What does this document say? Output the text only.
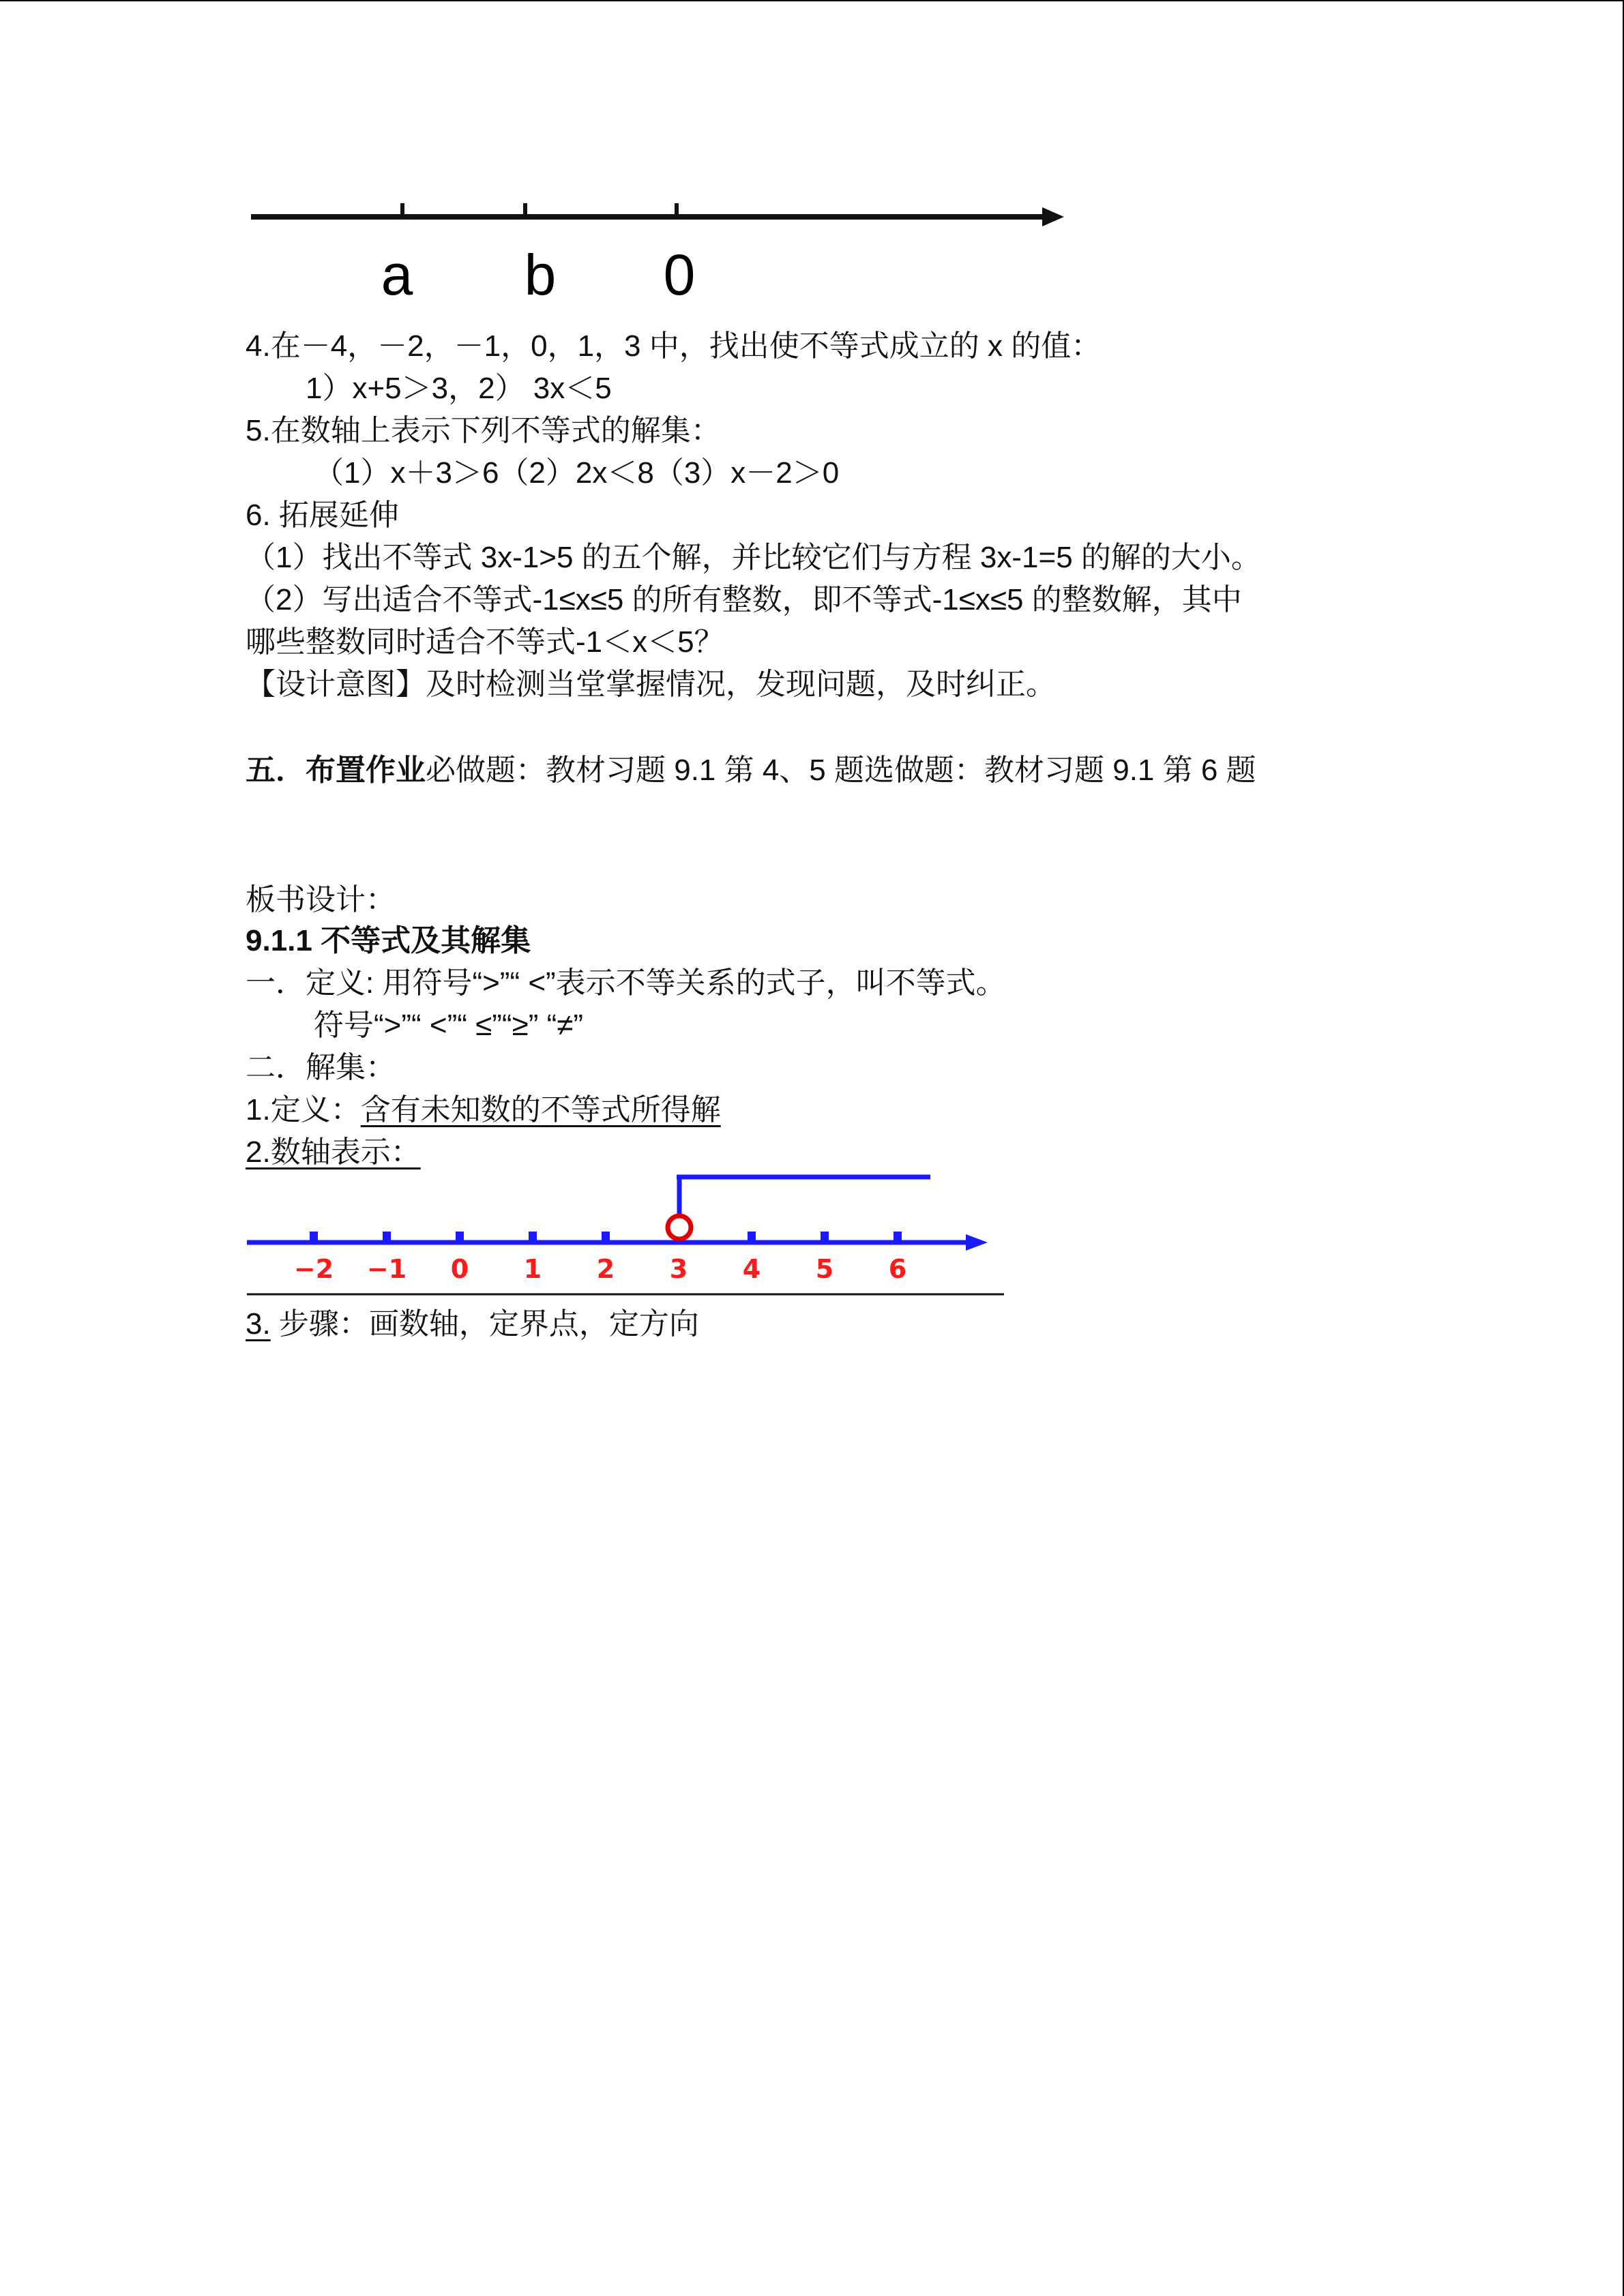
a b 0
4.在－4，－2，－1，0，1，3 中，找出使不等式成立的 x 的值：
1）x+5＞3，2） 3x＜5
5.在数轴上表示下列不等式的解集：
（1）x＋3＞6（2）2x＜8（3）x－2＞0
6. 拓展延伸
（1）找出不等式 3x-1>5 的五个解，并比较它们与方程 3x-1=5 的解的大小。
（2）写出适合不等式-1≤x≤5 的所有整数，即不等式-1≤x≤5 的整数解，其中
哪些整数同时适合不等式-1＜x＜5？
【设计意图】及时检测当堂掌握情况，发现问题，及时纠正。
五．布置作业必做题：教材习题 9.1 第 4、5 题选做题：教材习题 9.1 第 6 题
板书设计：
9.1.1 不等式及其解集
一．定义: 用符号“>”“ <”表示不等关系的式子，叫不等式。
符号“>”“ <”“ ≤”“≥” “≠”
二．解集：
1.定义：含有未知数的不等式所得解
2.数轴表示：
−2 −1 0 1 2 3 4 5 6
3. 步骤：画数轴，定界点，定方向
